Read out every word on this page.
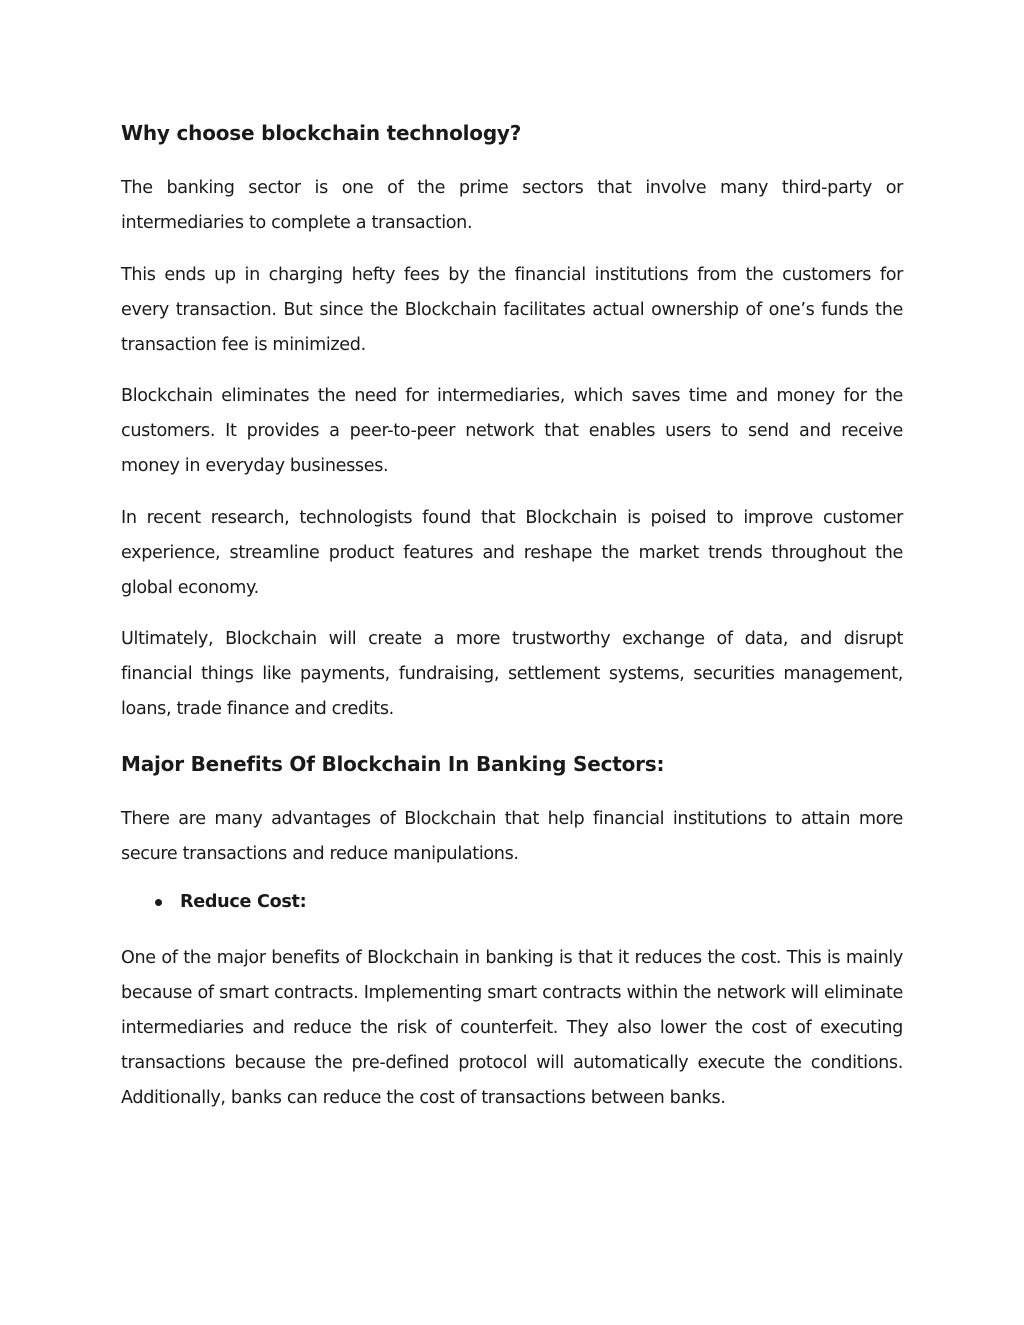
Why choose blockchain technology?

The banking sector is one of the prime sectors that involve many third-party or intermediaries to complete a transaction.

This ends up in charging hefty fees by the financial institutions from the customers for every transaction. But since the Blockchain facilitates actual ownership of one’s funds the transaction fee is minimized.

Blockchain eliminates the need for intermediaries, which saves time and money for the customers. It provides a peer-to-peer network that enables users to send and receive money in everyday businesses.

In recent research, technologists found that Blockchain is poised to improve customer experience, streamline product features and reshape the market trends throughout the global economy.

Ultimately, Blockchain will create a more trustworthy exchange of data, and disrupt financial things like payments, fundraising, settlement systems, securities management, loans, trade finance and credits.

Major Benefits Of Blockchain In Banking Sectors:

There are many advantages of Blockchain that help financial institutions to attain more secure transactions and reduce manipulations.

Reduce Cost:

One of the major benefits of Blockchain in banking is that it reduces the cost. This is mainly because of smart contracts. Implementing smart contracts within the network will eliminate intermediaries and reduce the risk of counterfeit. They also lower the cost of executing transactions because the pre-defined protocol will automatically execute the conditions. Additionally, banks can reduce the cost of transactions between banks.
